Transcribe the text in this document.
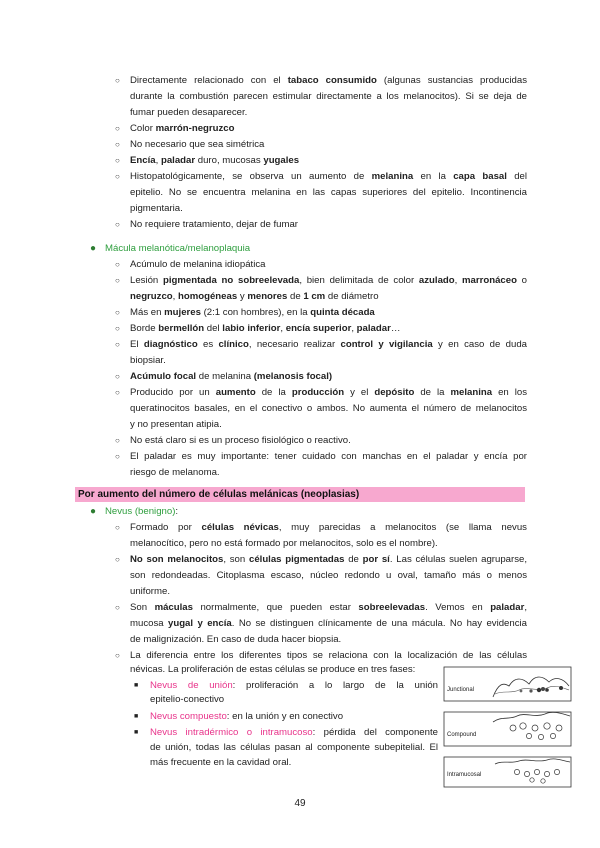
○ Directamente relacionado con el tabaco consumido (algunas sustancias producidas
durante la combustión parecen estimular directamente a los melanocitos). Si se deja de
fumar pueden desaparecer.
○ Color marrón-negruzco
○ No necesario que sea simétrica
○ Encía, paladar duro, mucosas yugales
○ Histopatológicamente, se observa un aumento de melanina en la capa basal del
epitelio. No se encuentra melanina en las capas superiores del epitelio. Incontinencia
pigmentaria.
○ No requiere tratamiento, dejar de fumar
● Mácula melanótica/melanoplaquia
○ Acúmulo de melanina idiopática
○ Lesión pigmentada no sobreelevada, bien delimitada de color azulado, marronáceo o
negruzco, homogéneas y menores de 1 cm de diámetro
○ Más en mujeres (2:1 con hombres), en la quinta década
○ Borde bermellón del labio inferior, encía superior, paladar…
○ El diagnóstico es clínico, necesario realizar control y vigilancia y en caso de duda
biopsiar.
○ Acúmulo focal de melanina (melanosis focal)
○ Producido por un aumento de la producción y el depósito de la melanina en los
queratinocitos basales, en el conectivo o ambos. No aumenta el número de melanocitos
y no presentan atipia.
○ No está claro si es un proceso fisiológico o reactivo.
○ El paladar es muy importante: tener cuidado con manchas en el paladar y encía por
riesgo de melanoma.
Por aumento del número de células melánicas (neoplasias)
● Nevus (benigno):
○ Formado por células névicas, muy parecidas a melanocitos (se llama nevus
melanocítico, pero no está formado por melanocitos, solo es el nombre).
○ No son melanocitos, son células pigmentadas de por sí. Las células suelen agruparse,
son redondeadas. Citoplasma escaso, núcleo redondo u oval, tamaño más o menos
uniforme.
○ Son máculas normalmente, que pueden estar sobreelevadas. Vemos en paladar,
mucosa yugal y encía. No se distinguen clínicamente de una mácula. No hay evidencia
de malignización. En caso de duda hacer biopsia.
○ La diferencia entre los diferentes tipos se relaciona con la localización de las células
névicas. La proliferación de estas células se produce en tres fases:
■ Nevus de unión: proliferación a lo largo de la unión
epitelio-conectivo
■ Nevus compuesto: en la unión y en conectivo
■ Nevus intradérmico o intramucoso: pérdida del componente
de unión, todas las células pasan al componente subepitelial. El
más frecuente en la cavidad oral.
Junctional
Compound
Intramucosal
49
